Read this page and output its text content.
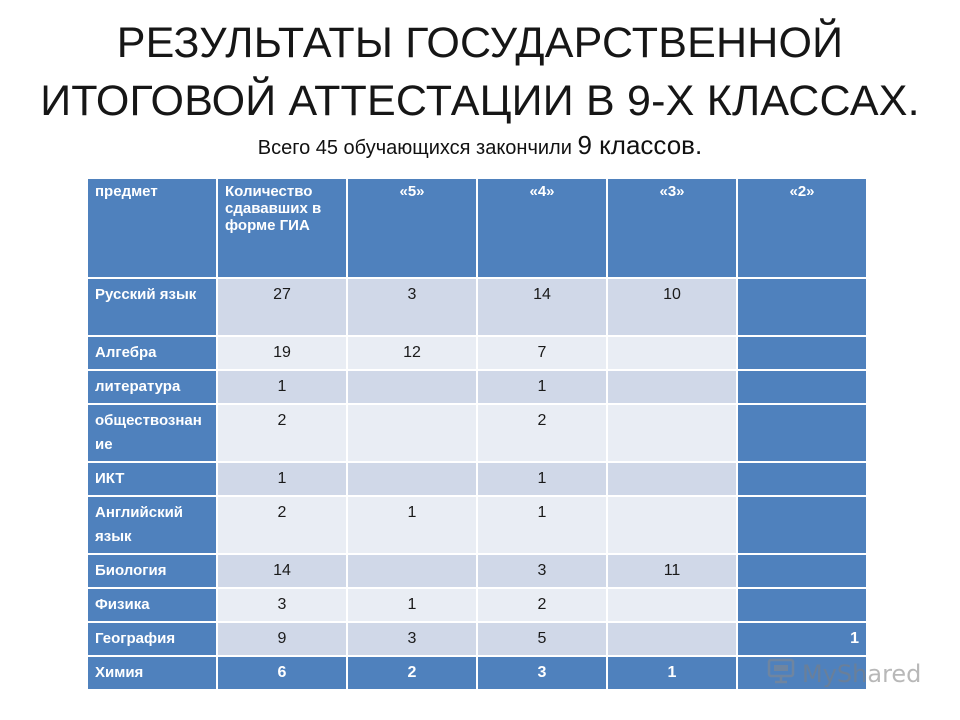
РЕЗУЛЬТАТЫ ГОСУДАРСТВЕННОЙ
ИТОГОВОЙ АТТЕСТАЦИИ В 9-Х КЛАССАХ.
Всего 45 обучающихся закончили 9 классов.
предмет	Количество сдававших в форме ГИА	«5»	«4»	«3»	«2»
Русский язык	27	3	14	10	
Алгебра	19	12	7		
литература	1		1		
обществознание	2		2		
ИКТ	1		1		
Английский язык	2	1	1		
Биология	14		3	11	
Физика	3	1	2		
География	9	3	5		1
Химия	6	2	3	1		MyShared
